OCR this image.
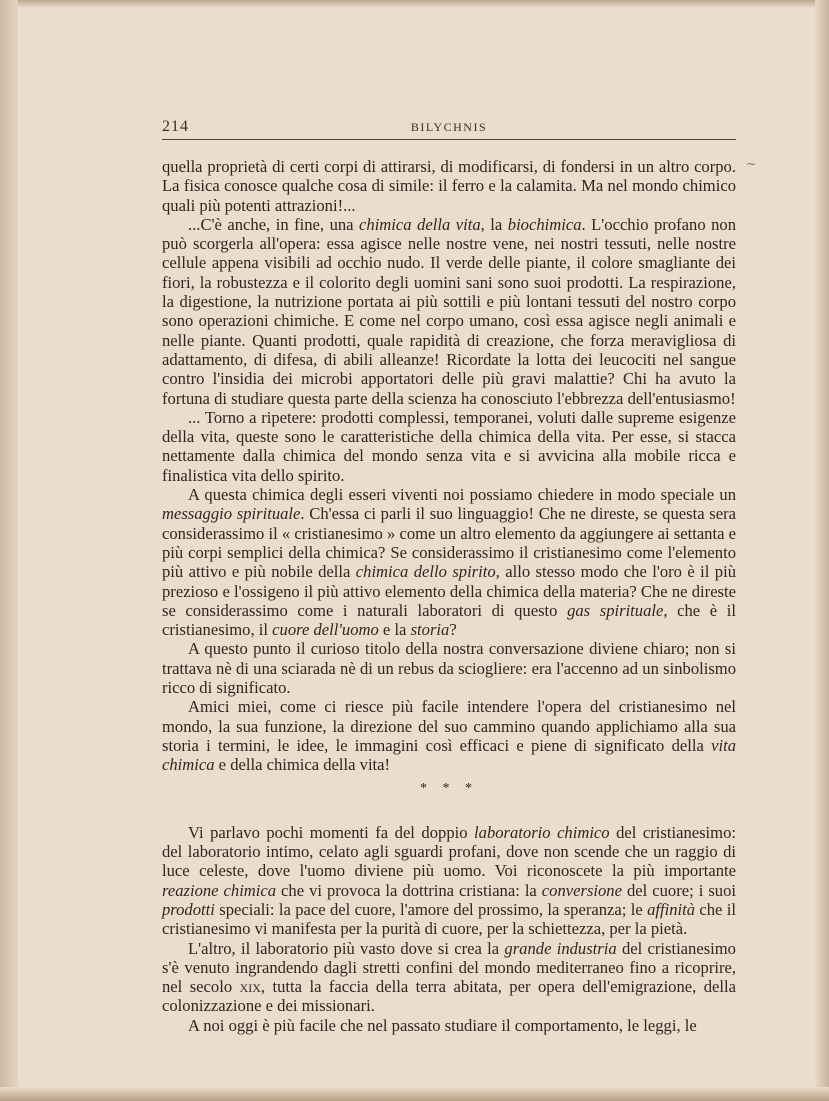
214	BILYCHNIS
~

quella proprietà di certi corpi di attirarsi, di modificarsi, di fondersi in un altro corpo. La fisica conosce qualche cosa di simile: il ferro e la calamita. Ma nel mondo chimico quali più potenti attrazioni!...

...C'è anche, in fine, una chimica della vita, la biochimica. L'occhio profano non può scorgerla all'opera: essa agisce nelle nostre vene, nei nostri tessuti, nelle nostre cellule appena visibili ad occhio nudo. Il verde delle piante, il colore smagliante dei fiori, la robustezza e il colorito degli uomini sani sono suoi prodotti. La respirazione, la digestione, la nutrizione portata ai più sottili e più lontani tessuti del nostro corpo sono operazioni chimiche. E come nel corpo umano, così essa agisce negli animali e nelle piante. Quanti prodotti, quale rapidità di creazione, che forza meravigliosa di adattamento, di difesa, di abili alleanze! Ricordate la lotta dei leucociti nel sangue contro l'insidia dei microbi apportatori delle più gravi malattie? Chi ha avuto la fortuna di studiare questa parte della scienza ha conosciuto l'ebbrezza dell'entusiasmo!

... Torno a ripetere: prodotti complessi, temporanei, voluti dalle supreme esigenze della vita, queste sono le caratteristiche della chimica della vita. Per esse, si stacca nettamente dalla chimica del mondo senza vita e si avvicina alla mobile ricca e finalistica vita dello spirito.

A questa chimica degli esseri viventi noi possiamo chiedere in modo speciale un messaggio spirituale. Ch'essa ci parli il suo linguaggio! Che ne direste, se questa sera considerassimo il « cristianesimo » come un altro elemento da aggiungere ai settanta e più corpi semplici della chimica? Se considerassimo il cristianesimo come l'elemento più attivo e più nobile della chimica dello spirito, allo stesso modo che l'oro è il più prezioso e l'ossigeno il più attivo elemento della chimica della materia? Che ne direste se considerassimo come i naturali laboratori di questo gas spirituale, che è il cristianesimo, il cuore dell'uomo e la storia?

A questo punto il curioso titolo della nostra conversazione diviene chiaro; non si trattava nè di una sciarada nè di un rebus da sciogliere: era l'accenno ad un sinbolismo ricco di significato.

Amici miei, come ci riesce più facile intendere l'opera del cristianesimo nel mondo, la sua funzione, la direzione del suo cammino quando applichiamo alla sua storia i termini, le idee, le immagini così efficaci e piene di significato della vita chimica e della chimica della vita!

* * *

Vi parlavo pochi momenti fa del doppio laboratorio chimico del cristianesimo: del laboratorio intimo, celato agli sguardi profani, dove non scende che un raggio di luce celeste, dove l'uomo diviene più uomo. Voi riconoscete la più importante reazione chimica che vi provoca la dottrina cristiana: la conversione del cuore; i suoi prodotti speciali: la pace del cuore, l'amore del prossimo, la speranza; le affinità che il cristianesimo vi manifesta per la purità di cuore, per la schiettezza, per la pietà.

L'altro, il laboratorio più vasto dove si crea la grande industria del cristianesimo s'è venuto ingrandendo dagli stretti confini del mondo mediterraneo fino a ricoprire, nel secolo xix, tutta la faccia della terra abitata, per opera dell'emigrazione, della colonizzazione e dei missionari.

A noi oggi è più facile che nel passato studiare il comportamento, le leggi, le
